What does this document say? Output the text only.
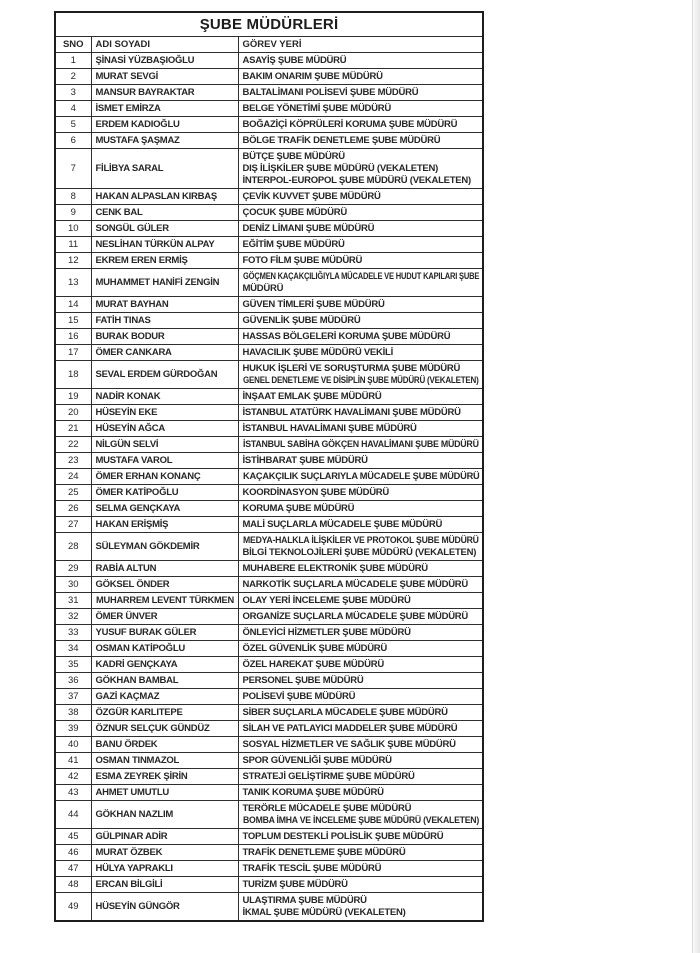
ŞUBE MÜDÜRLERİ		
SNO	ADI SOYADI	GÖREV YERİ
1	ŞİNASİ YÜZBAŞIOĞLU	ASAYİŞ ŞUBE MÜDÜRÜ

2	MURAT SEVGİ	BAKIM ONARIM ŞUBE MÜDÜRÜ

3	MANSUR BAYRAKTAR	BALTALİMANI POLİSEVİ ŞUBE MÜDÜRÜ

4	İSMET EMİRZA	BELGE YÖNETİMİ ŞUBE MÜDÜRÜ

5	ERDEM KADIOĞLU	BOĞAZİÇİ KÖPRÜLERİ KORUMA ŞUBE MÜDÜRÜ

6	MUSTAFA ŞAŞMAZ	BÖLGE TRAFİK DENETLEME ŞUBE MÜDÜRÜ

7	FİLİBYA SARAL	BÜTÇE ŞUBE MÜDÜRÜ
DIŞ İLİŞKİLER ŞUBE MÜDÜRÜ (VEKALETEN)
İNTERPOL-EUROPOL ŞUBE MÜDÜRÜ (VEKALETEN)

8	HAKAN ALPASLAN KIRBAŞ	ÇEVİK KUVVET ŞUBE MÜDÜRÜ

9	CENK BAL	ÇOCUK ŞUBE MÜDÜRÜ

10	SONGÜL GÜLER	DENİZ LİMANI ŞUBE MÜDÜRÜ

11	NESLİHAN TÜRKÜN ALPAY	EĞİTİM ŞUBE MÜDÜRÜ

12	EKREM EREN ERMİŞ	FOTO FİLM ŞUBE MÜDÜRÜ

13	MUHAMMET HANİFİ ZENGİN	GÖÇMEN KAÇAKÇILIĞIYLA MÜCADELE VE HUDUT KAPILARI ŞUBE
MÜDÜRÜ

14	MURAT BAYHAN	GÜVEN TİMLERİ ŞUBE MÜDÜRÜ

15	FATİH TINAS	GÜVENLİK ŞUBE MÜDÜRÜ

16	BURAK BODUR	HASSAS BÖLGELERİ KORUMA ŞUBE MÜDÜRÜ

17	ÖMER CANKARA	HAVACILIK ŞUBE MÜDÜRÜ VEKİLİ

18	SEVAL ERDEM GÜRDOĞAN	HUKUK İŞLERİ VE SORUŞTURMA ŞUBE MÜDÜRÜ
GENEL DENETLEME VE DİSİPLİN ŞUBE MÜDÜRÜ (VEKALETEN)

19	NADİR KONAK	İNŞAAT EMLAK ŞUBE MÜDÜRÜ

20	HÜSEYİN EKE	İSTANBUL ATATÜRK HAVALİMANI ŞUBE MÜDÜRÜ

21	HÜSEYİN AĞCA	İSTANBUL HAVALİMANI ŞUBE MÜDÜRÜ

22	NİLGÜN SELVİ	İSTANBUL SABİHA GÖKÇEN HAVALİMANI ŞUBE MÜDÜRÜ

23	MUSTAFA VAROL	İSTİHBARAT ŞUBE MÜDÜRÜ

24	ÖMER ERHAN KONANÇ	KAÇAKÇILIK SUÇLARIYLA MÜCADELE ŞUBE MÜDÜRÜ

25	ÖMER KATİPOĞLU	KOORDİNASYON ŞUBE MÜDÜRÜ

26	SELMA GENÇKAYA	KORUMA ŞUBE MÜDÜRÜ

27	HAKAN ERİŞMİŞ	MALİ SUÇLARLA MÜCADELE ŞUBE MÜDÜRÜ

28	SÜLEYMAN GÖKDEMİR	MEDYA-HALKLA İLİŞKİLER VE PROTOKOL ŞUBE MÜDÜRÜ
BİLGİ TEKNOLOJİLERİ ŞUBE MÜDÜRÜ (VEKALETEN)

29	RABİA ALTUN	MUHABERE ELEKTRONİK ŞUBE MÜDÜRÜ

30	GÖKSEL ÖNDER	NARKOTİK SUÇLARLA MÜCADELE ŞUBE MÜDÜRÜ

31	MUHARREM LEVENT TÜRKMEN	OLAY YERİ İNCELEME ŞUBE MÜDÜRÜ

32	ÖMER ÜNVER	ORGANİZE SUÇLARLA MÜCADELE ŞUBE MÜDÜRÜ

33	YUSUF BURAK GÜLER	ÖNLEYİCİ HİZMETLER ŞUBE MÜDÜRÜ

34	OSMAN KATİPOĞLU	ÖZEL GÜVENLİK ŞUBE MÜDÜRÜ

35	KADRİ GENÇKAYA	ÖZEL HAREKAT ŞUBE MÜDÜRÜ

36	GÖKHAN BAMBAL	PERSONEL ŞUBE MÜDÜRÜ

37	GAZİ KAÇMAZ	POLİSEVİ ŞUBE MÜDÜRÜ

38	ÖZGÜR KARLITEPE	SİBER SUÇLARLA MÜCADELE ŞUBE MÜDÜRÜ

39	ÖZNUR SELÇUK GÜNDÜZ	SİLAH VE PATLAYICI MADDELER ŞUBE MÜDÜRÜ

40	BANU ÖRDEK	SOSYAL HİZMETLER VE SAĞLIK ŞUBE MÜDÜRÜ

41	OSMAN TINMAZOL	SPOR GÜVENLİĞİ ŞUBE MÜDÜRÜ

42	ESMA ZEYREK ŞİRİN	STRATEJİ GELİŞTİRME ŞUBE MÜDÜRÜ

43	AHMET UMUTLU	TANIK KORUMA ŞUBE MÜDÜRÜ

44	GÖKHAN NAZLIM	TERÖRLE MÜCADELE ŞUBE MÜDÜRÜ
BOMBA İMHA VE İNCELEME ŞUBE MÜDÜRÜ (VEKALETEN)

45	GÜLPINAR ADİR	TOPLUM DESTEKLİ POLİSLİK ŞUBE MÜDÜRÜ

46	MURAT ÖZBEK	TRAFİK DENETLEME ŞUBE MÜDÜRÜ

47	HÜLYA YAPRAKLI	TRAFİK TESCİL ŞUBE MÜDÜRÜ

48	ERCAN BİLGİLİ	TURİZM ŞUBE MÜDÜRÜ

49	HÜSEYİN GÜNGÖR	ULAŞTIRMA ŞUBE MÜDÜRÜ
İKMAL ŞUBE MÜDÜRÜ (VEKALETEN)
